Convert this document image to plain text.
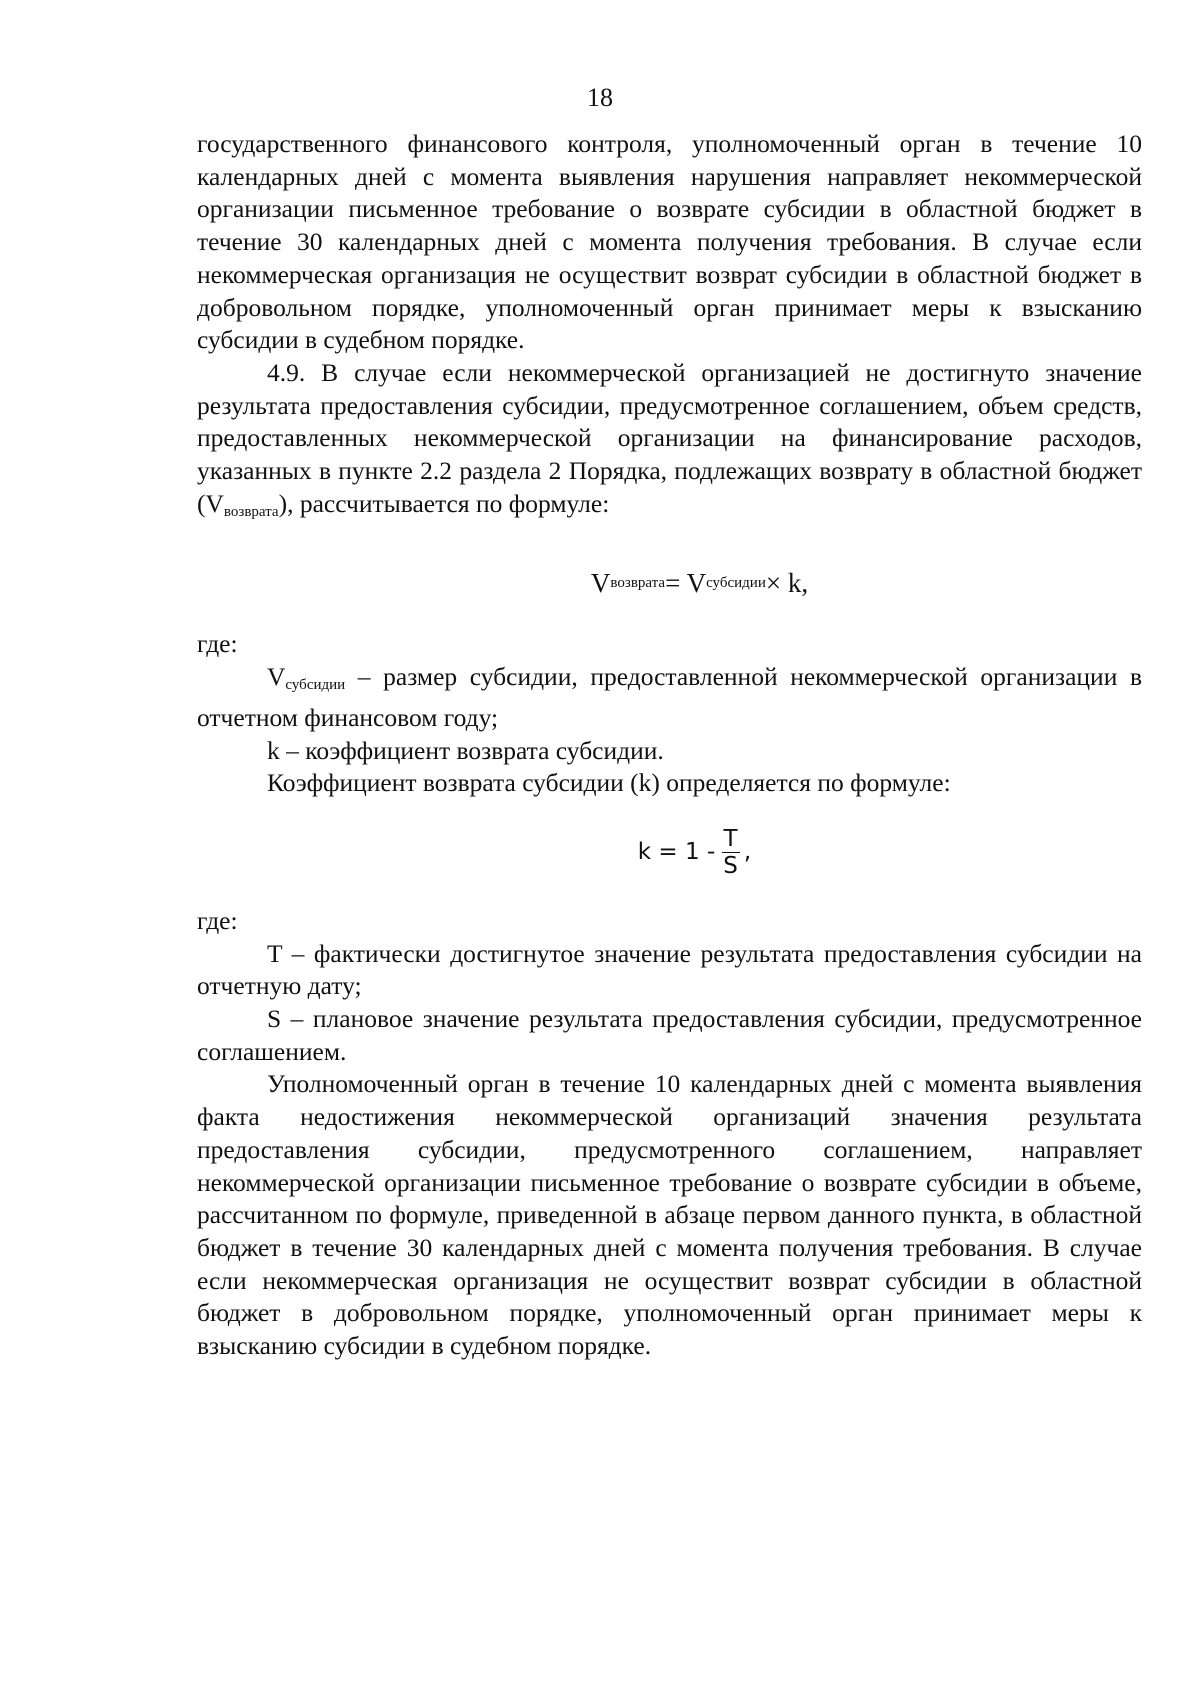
18

государственного финансового контроля, уполномоченный орган в течение 10 календарных дней с момента выявления нарушения направляет некоммерческой организации письменное требование о возврате субсидии в областной бюджет в течение 30 календарных дней с момента получения требования. В случае если некоммерческая организация не осуществит возврат субсидии в областной бюджет в добровольном порядке, уполномоченный орган принимает меры к взысканию субсидии в судебном порядке.

4.9. В случае если некоммерческой организацией не достигнуто значение результата предоставления субсидии, предусмотренное соглашением, объем средств, предоставленных некоммерческой организации на финансирование расходов, указанных в пункте 2.2 раздела 2 Порядка, подлежащих возврату в областной бюджет (Vвозврата), рассчитывается по формуле:

V возврата = V субсидии × k,

где:

Vсубсидии – размер субсидии, предоставленной некоммерческой организации в отчетном финансовом году;

k – коэффициент возврата субсидии.

Коэффициент возврата субсидии (k) определяется по формуле:

$k = 1 - \frac{T}{S}$ ,

где:

T – фактически достигнутое значение результата предоставления субсидии на отчетную дату;

S – плановое значение результата предоставления субсидии, предусмотренное соглашением.

Уполномоченный орган в течение 10 календарных дней с момента выявления факта недостижения некоммерческой организаций значения результата предоставления субсидии, предусмотренного соглашением, направляет некоммерческой организации письменное требование о возврате субсидии в объеме, рассчитанном по формуле, приведенной в абзаце первом данного пункта, в областной бюджет в течение 30 календарных дней с момента получения требования. В случае если некоммерческая организация не осуществит возврат субсидии в областной бюджет в добровольном порядке, уполномоченный орган принимает меры к взысканию субсидии в судебном порядке.
